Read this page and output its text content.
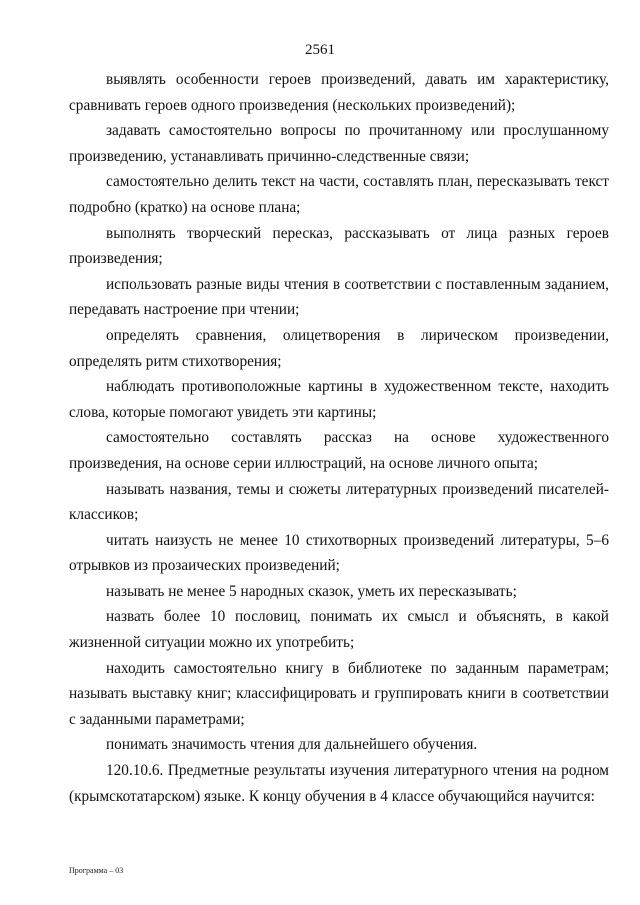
2561

выявлять особенности героев произведений, давать им характеристику, сравнивать героев одного произведения (нескольких произведений);

задавать самостоятельно вопросы по прочитанному или прослушанному произведению, устанавливать причинно-следственные связи;

самостоятельно делить текст на части, составлять план, пересказывать текст подробно (кратко) на основе плана;

выполнять творческий пересказ, рассказывать от лица разных героев произведения;

использовать разные виды чтения в соответствии с поставленным заданием, передавать настроение при чтении;

определять сравнения, олицетворения в лирическом произведении, определять ритм стихотворения;

наблюдать противоположные картины в художественном тексте, находить слова, которые помогают увидеть эти картины;

самостоятельно составлять рассказ на основе художественного произведения, на основе серии иллюстраций, на основе личного опыта;

называть названия, темы и сюжеты литературных произведений писателей-классиков;

читать наизусть не менее 10 стихотворных произведений литературы, 5–6 отрывков из прозаических произведений;

называть не менее 5 народных сказок, уметь их пересказывать;

назвать более 10 пословиц, понимать их смысл и объяснять, в какой жизненной ситуации можно их употребить;

находить самостоятельно книгу в библиотеке по заданным параметрам; называть выставку книг; классифицировать и группировать книги в соответствии с заданными параметрами;

понимать значимость чтения для дальнейшего обучения.

120.10.6. Предметные результаты изучения литературного чтения на родном (крымскотатарском) языке. К концу обучения в 4 классе обучающийся научится:

Программа – 03
